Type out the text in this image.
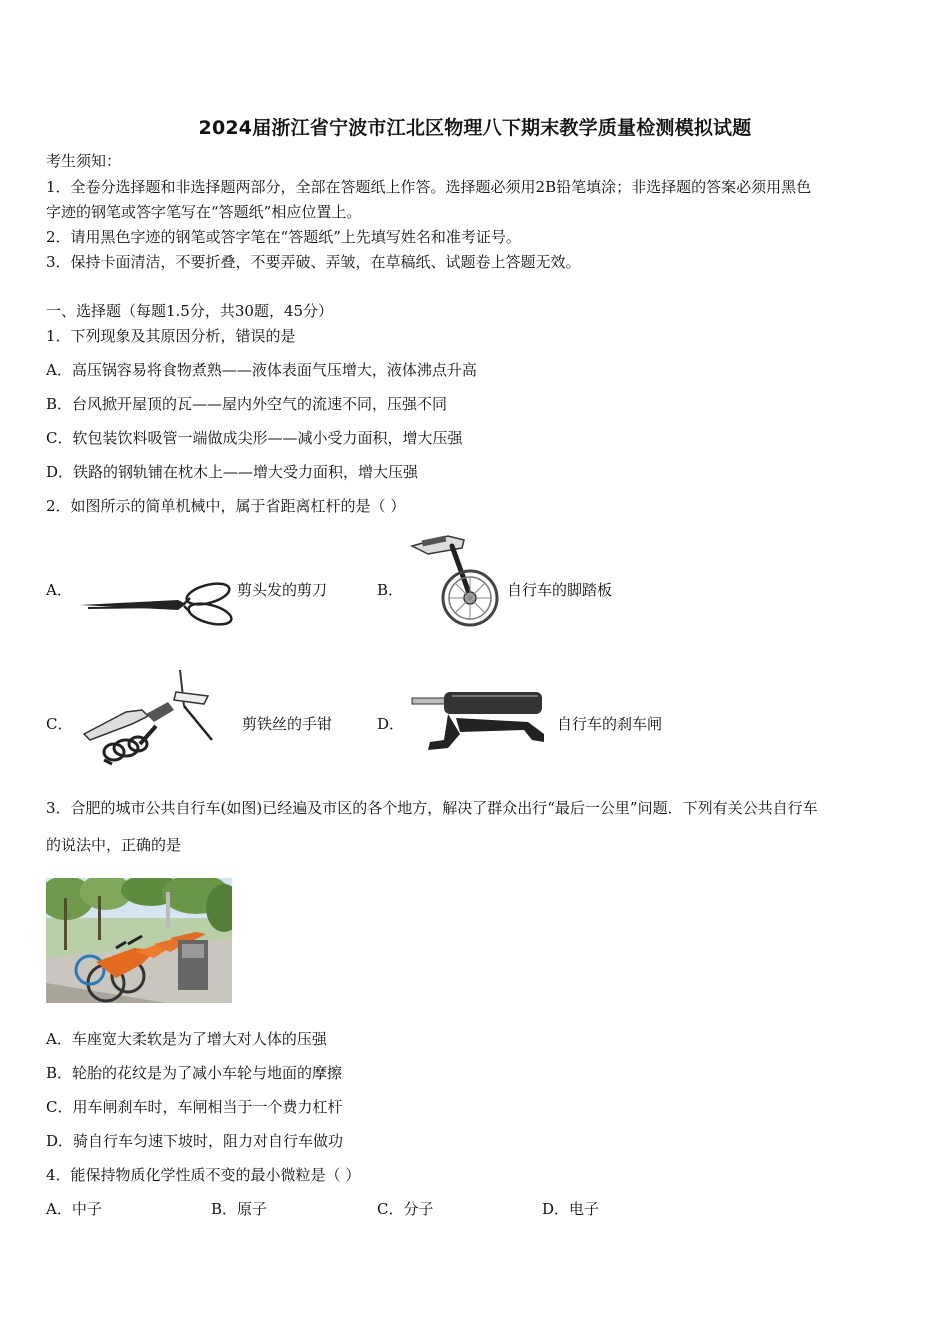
2024届浙江省宁波市江北区物理八下期末教学质量检测模拟试题
考生须知：
1．全卷分选择题和非选择题两部分，全部在答题纸上作答。选择题必须用2B铅笔填涂；非选择题的答案必须用黑色
字迹的钢笔或答字笔写在“答题纸”相应位置上。
2．请用黑色字迹的钢笔或答字笔在“答题纸”上先填写姓名和准考证号。
3．保持卡面清洁，不要折叠，不要弄破、弄皱，在草稿纸、试题卷上答题无效。
一、选择题（每题1.5分，共30题，45分）
1．下列现象及其原因分析，错误的是
A．高压锅容易将食物煮熟——液体表面气压增大，液体沸点升高
B．台风掀开屋顶的瓦——屋内外空气的流速不同，压强不同
C．软包装饮料吸管一端做成尖形——减小受力面积，增大压强
D．铁路的钢轨铺在枕木上——增大受力面积，增大压强
2．如图所示的简单机械中，属于省距离杠杆的是（ ）
A．	剪头发的剪刀	B．	自行车的脚踏板
C．	剪铁丝的手钳	D．	自行车的刹车闸
3．合肥的城市公共自行车(如图)已经遍及市区的各个地方，解决了群众出行“最后一公里”问题．下列有关公共自行车
的说法中，正确的是
A．车座宽大柔软是为了增大对人体的压强
B．轮胎的花纹是为了减小车轮与地面的摩擦
C．用车闸刹车时，车闸相当于一个费力杠杆
D．骑自行车匀速下坡时，阻力对自行车做功
4．能保持物质化学性质不变的最小微粒是（ ）
A．中子	B．原子	C．分子	D．电子
